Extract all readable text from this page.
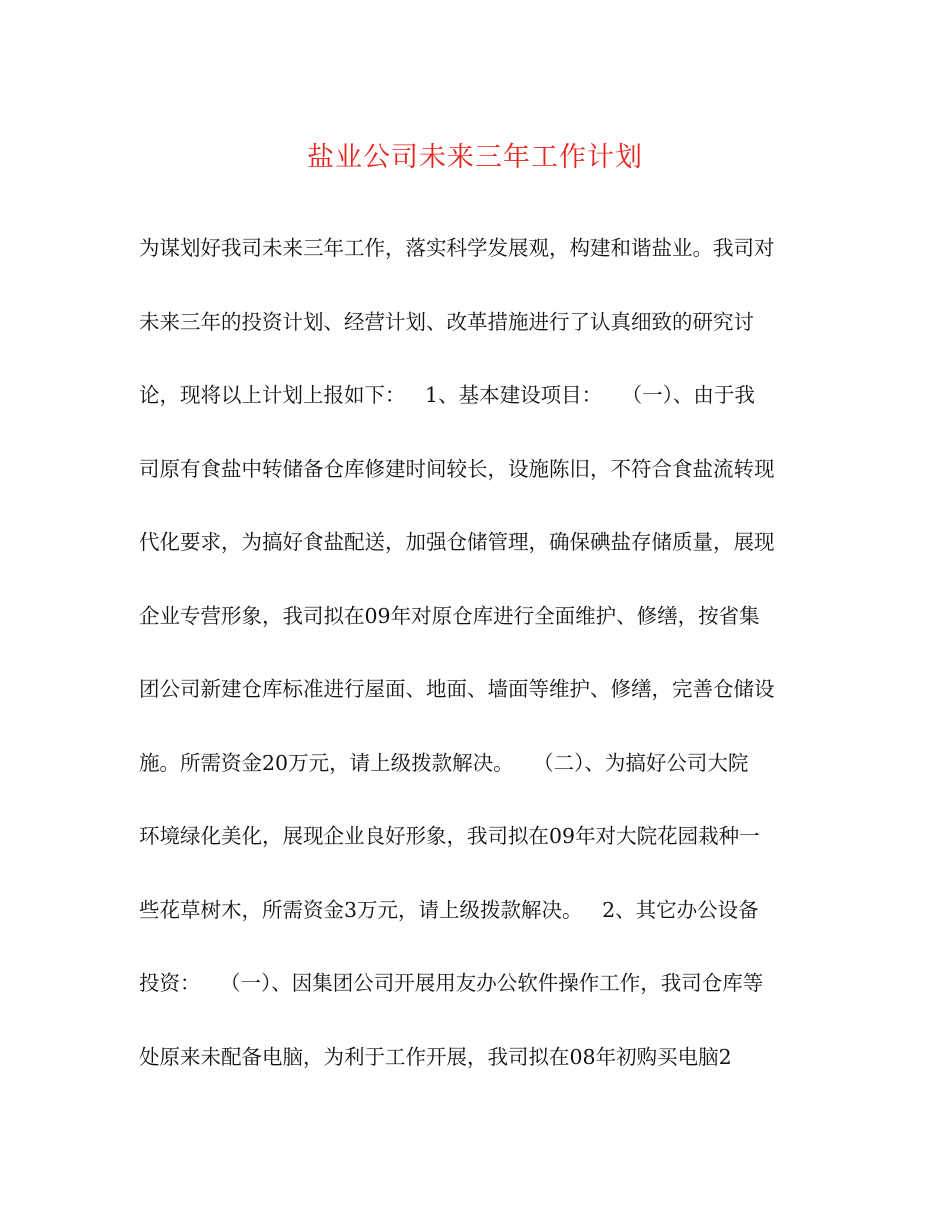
盐业公司未来三年工作计划
为谋划好我司未来三年工作，落实科学发展观，构建和谐盐业。我司对
未来三年的投资计划、经营计划、改革措施进行了认真细致的研究讨
论，现将以上计划上报如下：   1、基本建设项目：   （一）、由于我
司原有食盐中转储备仓库修建时间较长，设施陈旧，不符合食盐流转现
代化要求，为搞好食盐配送，加强仓储管理，确保碘盐存储质量，展现
企业专营形象，我司拟在09年对原仓库进行全面维护、修缮，按省集
团公司新建仓库标准进行屋面、地面、墙面等维护、修缮，完善仓储设
施。所需资金20万元，请上级拨款解决。   （二）、为搞好公司大院
环境绿化美化，展现企业良好形象，我司拟在09年对大院花园栽种一
些花草树木，所需资金3万元，请上级拨款解决。   2、其它办公设备
投资：   （一）、因集团公司开展用友办公软件操作工作，我司仓库等
处原来未配备电脑，为利于工作开展，我司拟在08年初购买电脑2
